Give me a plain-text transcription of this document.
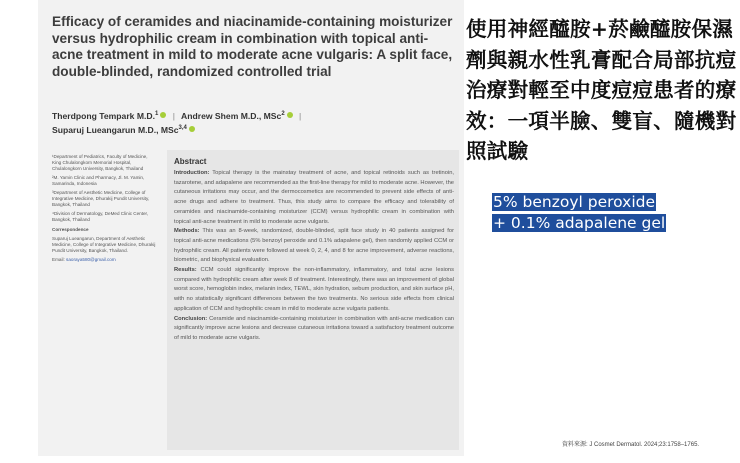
Efficacy of ceramides and niacinamide-containing moisturizer versus hydrophilic cream in combination with topical anti-acne treatment in mild to moderate acne vulgaris: A split face, double-blinded, randomized controlled trial
Therdpong Tempark M.D.$^1$ | Andrew Shem M.D., MSc$^2$ |
Suparuj Lueangarun M.D., MSc$^{3,4}$

¹Department of Pediatrics, Faculty of Medicine, King Chulalongkorn Memorial Hospital, Chulalongkorn University, Bangkok, Thailand

²M. Yamin Clinic and Pharmacy, Jl. M. Yamin, Samarinda, Indonesia

³Department of Aesthetic Medicine, College of Integrative Medicine, Dhurakij Pundit University, Bangkok, Thailand

⁴Division of Dermatology, DeMed Clinic Center, Bangkok, Thailand

Correspondence

Suparuj Lueangarun, Department of Aesthetic Medicine, College of Integrative Medicine, Dhurakij Pundit University, Bangkok, Thailand.

Email: saoraya580@gmail.com

Abstract

Introduction: Topical therapy is the mainstay treatment of acne, and topical retinoids such as tretinoin, tazarotene, and adapalene are recommended as the first-line therapy for mild to moderate acne. However, the cutaneous irritations may occur, and the dermocosmetics are recommended to prevent side effects of anti-acne drugs and adhere to treatment. Thus, this study aims to compare the efficacy and tolerability of ceramides and niacinamide-containing moisturizer (CCM) versus hydrophilic cream in combination with topical anti-acne treatment in mild to moderate acne vulgaris.

Methods: This was an 8-week, randomized, double-blinded, split face study in 40 patients assigned for topical anti-acne medications (5% benzoyl peroxide and 0.1% adapalene gel), then randomly applied CCM or hydrophilic cream. All patients were followed at week 0, 2, 4, and 8 for acne improvement, adverse reactions, biometric, and biophysical evaluation.

Results: CCM could significantly improve the non-inflammatory, inflammatory, and total acne lesions compared with hydrophilic cream after week 8 of treatment. Interestingly, there was an improvement of global worst score, hemoglobin index, melanin index, TEWL, skin hydration, sebum production, and skin surface pH, with no statistically significant differences between the two treatments. No serious side effects from clinical application of CCM and hydrophilic cream in mild to moderate acne vulgaris patients.

Conclusion: Ceramide and niacinamide-containing moisturizer in combination with anti-acne medication can significantly improve acne lesions and decrease cutaneous irritations toward a satisfactory treatment outcome of mild to moderate acne vulgaris.

使用神經醯胺+菸鹼醯胺保濕劑與親水性乳膏配合局部抗痘治療對輕至中度痘痘患者的療效：一項半臉、雙盲、隨機對照試驗

5% benzoyl peroxide
+ 0.1% adapalene gel
資料來源: J Cosmet Dermatol. 2024;23:1758–1765.
